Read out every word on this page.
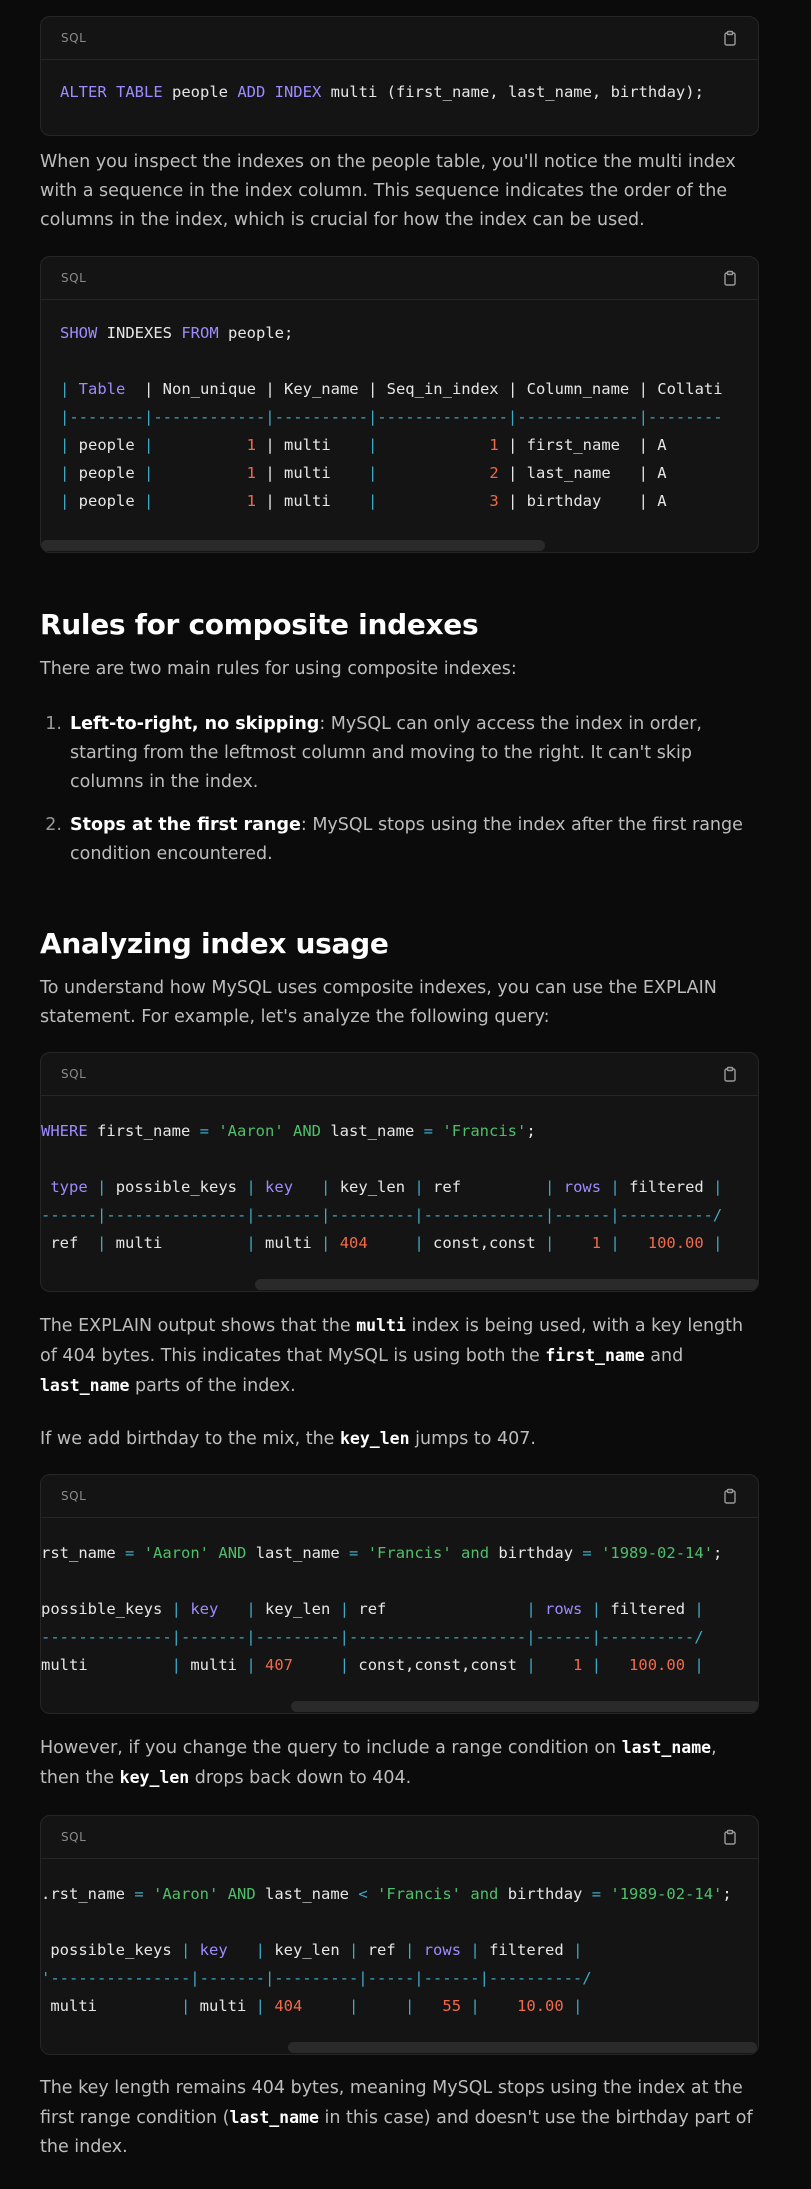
SQL
ALTER TABLE people ADD INDEX multi (first_name, last_name, birthday);

When you inspect the indexes on the people table, you'll notice the multi index with a sequence in the index column. This sequence indicates the order of the columns in the index, which is crucial for how the index can be used.

SQL
SHOW INDEXES FROM people;

| Table  | Non_unique | Key_name | Seq_in_index | Column_name | Collati
|--------|------------|----------|--------------|-------------|--------
| people |	1 | multi    |	1 | first_name  | A
| people |	1 | multi    |	2 | last_name   | A
| people |	1 | multi    |	3 | birthday    | A
Rules for composite indexes

There are two main rules for using composite indexes:

1. Left-to-right, no skipping: MySQL can only access the index in order, starting from the leftmost column and moving to the right. It can't skip columns in the index.
2. Stops at the first range: MySQL stops using the index after the first range condition encountered.
Analyzing index usage

To understand how MySQL uses composite indexes, you can use the EXPLAIN statement. For example, let's analyze the following query:

SQL
WHERE first_name = 'Aaron' AND last_name = 'Francis';

type | possible_keys | key | key_len | ref         | rows | filtered |
------|---------------|-------|---------|-------------|------|----------/
ref  | multi         | multi | 404	| const,const | 1 | 100.00 |

The EXPLAIN output shows that the multi index is being used, with a key length of 404 bytes. This indicates that MySQL is using both the first_name and last_name parts of the index.

If we add birthday to the mix, the key_len jumps to 407.

SQL
rst_name = 'Aaron' AND last_name = 'Francis' and birthday = '1989-02-14';

possible_keys | key | key_len | ref               | rows | filtered |
--------------|-------|---------|-------------------|------|----------/
multi         | multi | 407	| const,const,const | 1 | 100.00 |

However, if you change the query to include a range condition on last_name, then the key_len drops back down to 404.

SQL
.rst_name = 'Aaron' AND last_name < 'Francis' and birthday = '1989-02-14';

possible_keys | key | key_len | ref | rows | filtered |
'---------------|-------|---------|-----|------|----------/
multi         | multi | 404	|	| 55 | 10.00 |

The key length remains 404 bytes, meaning MySQL stops using the index at the first range condition (last_name in this case) and doesn't use the birthday part of the index.
